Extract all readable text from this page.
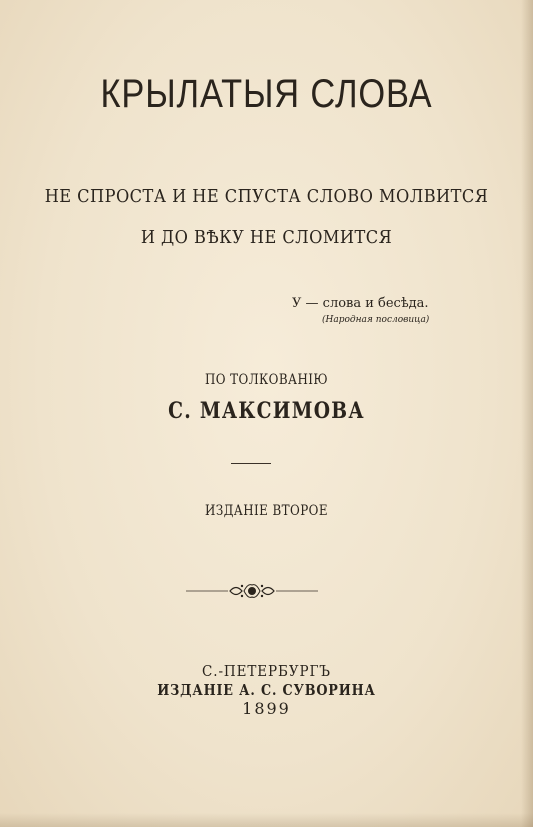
КРЫЛАТЫЯ СЛОВА
НЕ СПРОСТА И НЕ СПУСТА СЛОВО МОЛВИТСЯ
И ДО ВѢКУ НЕ СЛОМИТСЯ
У — слова и бесѣда.
(Народная пословица)
ПО ТОЛКОВАНІЮ
С. МАКСИМОВА
ИЗДАНІЕ ВТОРОЕ
С.-ПЕТЕРБУРГЪ
ИЗДАНІЕ А. С. СУВОРИНА
1899
